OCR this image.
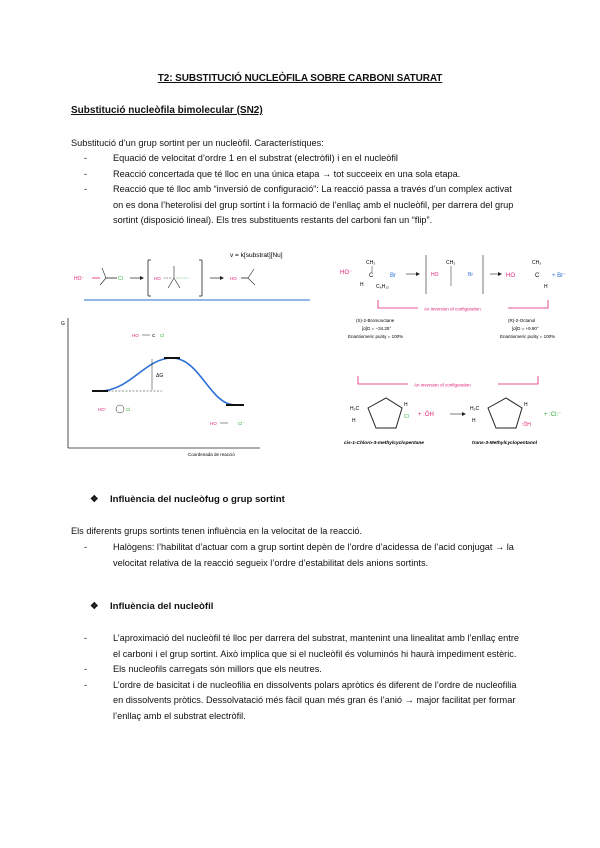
T2: SUBSTITUCIÓ NUCLEÒFILA SOBRE CARBONI SATURAT
Substitució nucleòfila bimolecular (SN2)
Substitució d’un grup sortint per un nucleòfil. Característiques:
-	Equació de velocitat d’ordre 1 en el substrat (electròfil) i en el nucleòfil
-	Reacció concertada que té lloc en una única etapa → tot succeeix en una sola etapa.
-	Reacció que té lloc amb “inversió de configuració”: La reacció passa a través d’un complex activat on es dona l’heterolisi del grup sortint i la formació de l’enllaç amb el nucleòfil, per darrera del grup sortint (disposició lineal). Els tres substituents restants del carboni fan un “flip”.
v = k[substrat][Nu]
HO⁻	Cl	HO	HO
G
Coordenada de reacció
ΔG
HO	C Cl
HO⁻	Cl
HO	Cl⁻
HO⁻
CH₃
C
H C₆H₁₃
Br	HO
CH₃
Br	HO
CH₃
C
H
+ Br⁻
An inversion of configuration
(S)-2-Bromooctane
[α]D = −34.25°
Enantiomeric purity = 100%
(R)-2-Octanol
[α]D = +9.90°
Enantiomeric purity = 100%
An inversion of configuration
H₃C
H
H
Cl + :ÖH
H₃C
H
H
:ÖH
+ :Cl:⁻
cis-1-Chloro-3-methylcyclopentane	trans-3-Methylcyclopentanol
❖ Influència del nucleòfug o grup sortint
Els diferents grups sortints tenen influència en la velocitat de la reacció.
-	Halògens: l’habilitat d’actuar com a grup sortint depèn de l’ordre d’acidessa de l’acid conjugat → la velocitat relativa de la reacció segueix l’ordre d’estabilitat dels anions sortints.
❖ Influència del nucleòfil
-	L’aproximació del nucleòfil té lloc per darrera del substrat, mantenint una linealitat amb l’enllaç entre el carboni i el grup sortint. Això implica que si el nucleòfil és voluminós hi haurà impediment estèric.
-	Els nucleofils carregats són millors que els neutres.
-	L’ordre de basicitat i de nucleofilia en dissolvents polars apròtics és diferent de l’ordre de nucleofilia en dissolvents pròtics. Dessolvatació més fàcil quan més gran és l’anió → major facilitat per formar l’enllaç amb el substrat electròfil.
